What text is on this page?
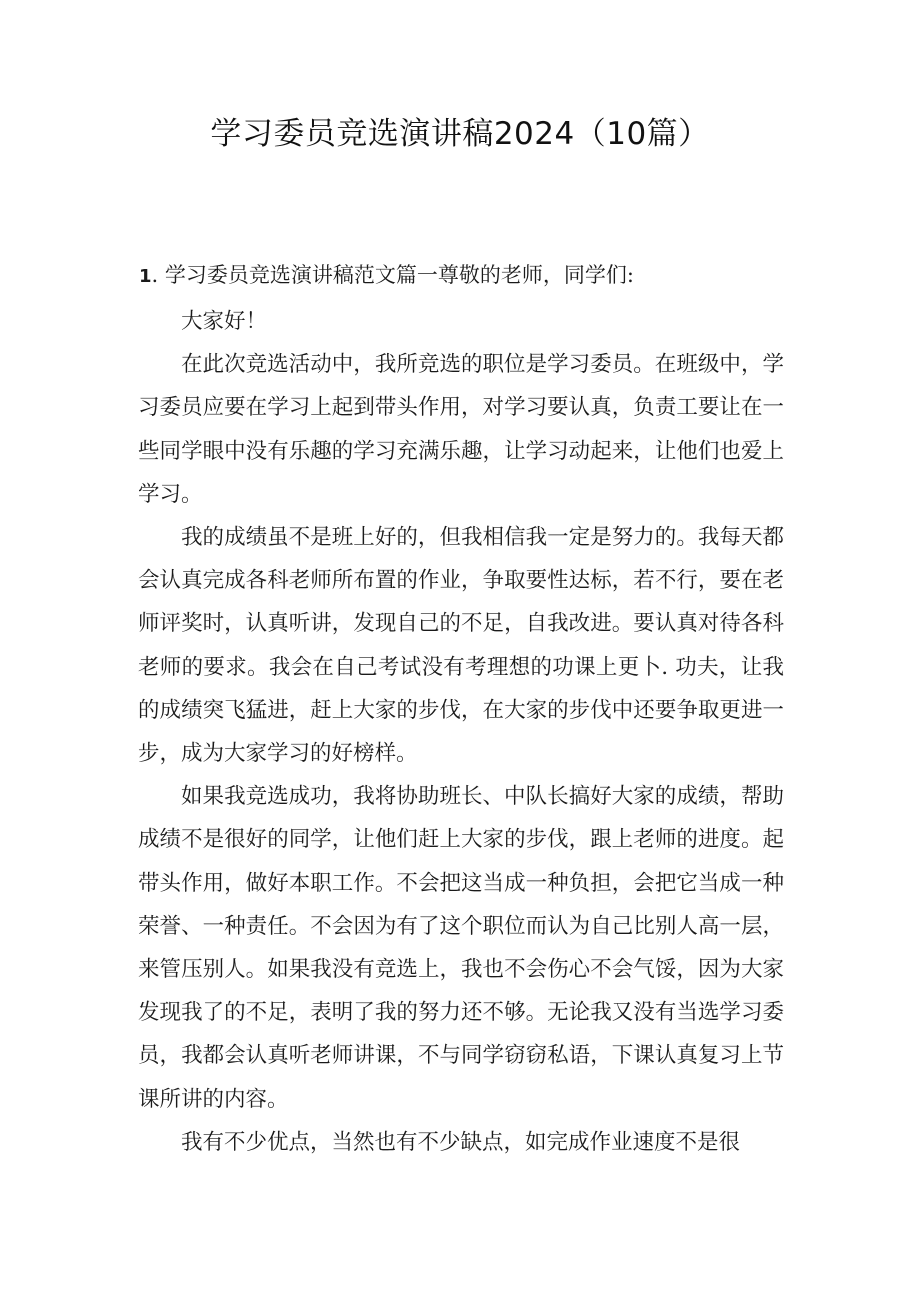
学习委员竞选演讲稿2024（10篇）
1. 学习委员竞选演讲稿范文篇一尊敬的老师，同学们:

大家好！

在此次竞选活动中，我所竞选的职位是学习委员。在班级中，学习委员应要在学习上起到带头作用，对学习要认真，负责工要让在一些同学眼中没有乐趣的学习充满乐趣，让学习动起来，让他们也爱上学习。

我的成绩虽不是班上好的，但我相信我一定是努力的。我每天都会认真完成各科老师所布置的作业，争取要性达标，若不行，要在老师评奖时，认真听讲，发现自己的不足，自我改进。要认真对待各科老师的要求。我会在自己考试没有考理想的功课上更卜. 功夫，让我的成绩突飞猛进，赶上大家的步伐，在大家的步伐中还要争取更进一步，成为大家学习的好榜样。

如果我竞选成功，我将协助班长、中队长搞好大家的成绩，帮助成绩不是很好的同学，让他们赶上大家的步伐，跟上老师的进度。起带头作用，做好本职工作。不会把这当成一种负担，会把它当成一种荣誉、一种责任。不会因为有了这个职位而认为自己比别人高一层，来管压别人。如果我没有竞选上，我也不会伤心不会气馁，因为大家发现我了的不足，表明了我的努力还不够。无论我又没有当选学习委员，我都会认真听老师讲课，不与同学窃窃私语，下课认真复习上节课所讲的内容。

我有不少优点，当然也有不少缺点，如完成作业速度不是很
